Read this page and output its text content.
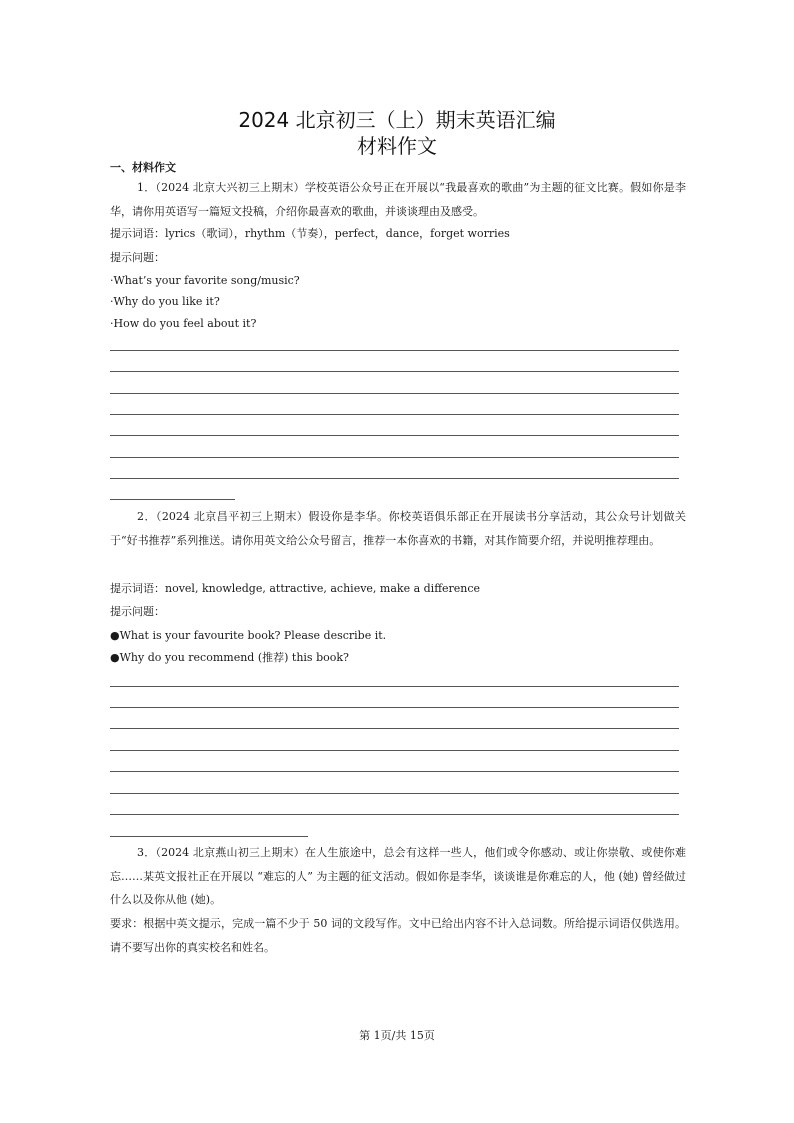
2024 北京初三（上）期末英语汇编
材料作文
一、材料作文
1．（2024 北京大兴初三上期末）学校英语公众号正在开展以“我最喜欢的歌曲”为主题的征文比赛。假如你是李华，请你用英语写一篇短文投稿，介绍你最喜欢的歌曲，并谈谈理由及感受。
提示词语：lyrics（歌词），rhythm（节奏），perfect，dance，forget worries
提示问题：
·What’s your favorite song/music?
·Why do you like it?
·How do you feel about it?
2．（2024 北京昌平初三上期末）假设你是李华。你校英语俱乐部正在开展读书分享活动，其公众号计划做关于“好书推荐”系列推送。请你用英文给公众号留言，推荐一本你喜欢的书籍，对其作简要介绍，并说明推荐理由。
提示词语：novel, knowledge, attractive, achieve, make a difference
提示问题：
●What is your favourite book? Please describe it.
●Why do you recommend (推荐) this book?
3．（2024 北京燕山初三上期末）在人生旅途中，总会有这样一些人，他们或令你感动、或让你崇敬、或使你难忘……某英文报社正在开展以 “难忘的人” 为主题的征文活动。假如你是李华，谈谈谁是你难忘的人，他 (她) 曾经做过什么以及你从他 (她)。
要求：根据中英文提示，完成一篇不少于 50 词的文段写作。文中已给出内容不计入总词数。所给提示词语仅供选用。请不要写出你的真实校名和姓名。
第 1页/共 15页
